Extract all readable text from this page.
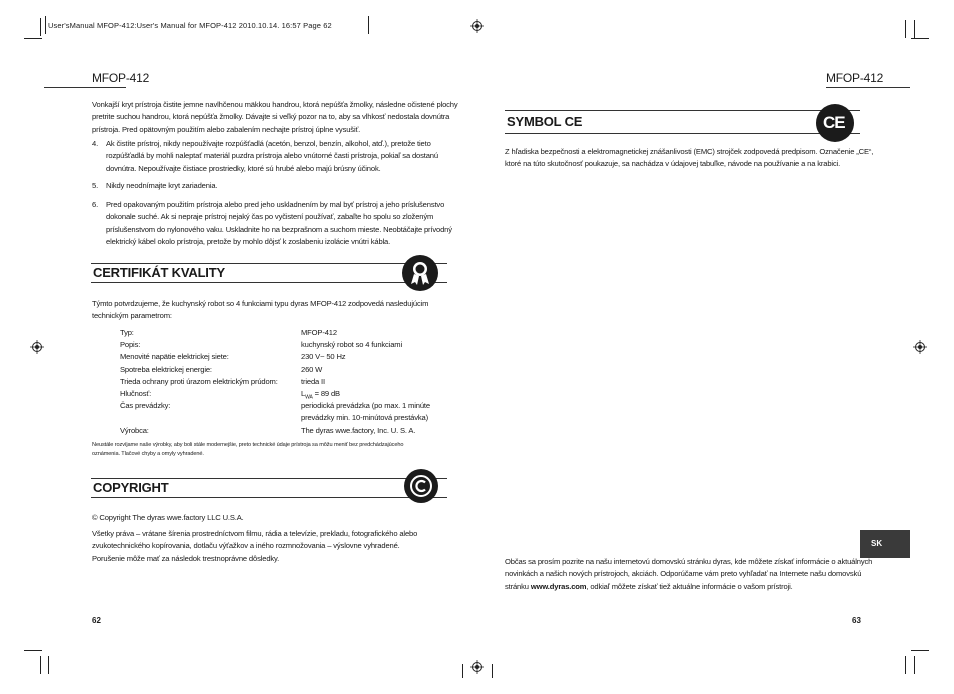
User'sManual MFOP-412:User's Manual for MFOP-412 2010.10.14. 16:57 Page 62
MFOP-412
Vonkajší kryt prístroja čistite jemne navlhčenou mäkkou handrou, ktorá nepúšťa žmolky, následne očistené plochy
pretrite suchou handrou, ktorá nepúšťa žmolky. Dávajte si veľký pozor na to, aby sa vlhkosť nedostala dovnútra
prístroja. Pred opätovným použitím alebo zabalením nechajte prístroj úplne vysušiť.
4. Ak čistíte prístroj, nikdy nepoužívajte rozpúšťadlá (acetón, benzol, benzín, alkohol, atď.), pretože tieto
rozpúšťadlá by mohli naleptať materiál puzdra prístroja alebo vnútorné časti prístroja, pokiaľ sa dostanú
dovnútra. Nepoužívajte čistiace prostriedky, ktoré sú hrubé alebo majú brúsny účinok.
5. Nikdy neodnímajte kryt zariadenia.
6. Pred opakovaným použitím prístroja alebo pred jeho uskladnením by mal byť prístroj a jeho príslušenstvo
dokonale suché. Ak si nepraje prístroj nejaký čas po vyčistení používať, zabaľte ho spolu so zloženým
príslušenstvom do nylonového vaku. Uskladnite ho na bezprašnom a suchom mieste. Neobtáčajte prívodný
elektrický kábel okolo prístroja, pretože by mohlo dôjsť k zoslabeniu izolácie vnútri kábla.
CERTIFIKÁT KVALITY
Týmto potvrdzujeme, že kuchynský robot so 4 funkciami typu dyras MFOP-412 zodpovedá nasledujúcim
technickým parametrom:
Typ:	MFOP-412
Popis:	kuchynský robot so 4 funkciami
Menovité napätie elektrickej siete:	230 V~ 50 Hz
Spotreba elektrickej energie:	260 W
Trieda ochrany proti úrazom elektrickým prúdom:	trieda II
Hlučnosť:	$L_{WA} = 89$ dB
Čas prevádzky:	periodická prevádzka (po max. 1 minúte
prevádzky min. 10-minútová prestávka)
Výrobca:	The dyras wwe.factory, Inc. U. S. A.
Neustále rozvíjame naše výrobky, aby boli stále modernejšie, preto technické údaje prístroja sa môžu meniť bez predchádzajúceho
oznámenia. Tlačové chyby a omyly vyhradené.
COPYRIGHT
© Copyright The dyras wwe.factory LLC U.S.A.
Všetky práva – vrátane šírenia prostredníctvom filmu, rádia a televízie, prekladu, fotografického alebo
zvukotechnického kopírovania, dotlaču výťažkov a iného rozmnožovania – výslovne vyhradené.
Porušenie môže mať za následok trestnoprávne dôsledky.
62
MFOP-412
SYMBOL CE	CE
Z hľadiska bezpečnosti a elektromagnetickej znášanlivosti (EMC) strojček zodpovedá predpisom. Označenie „CE“,
ktoré na túto skutočnosť poukazuje, sa nachádza v údajovej tabuľke, návode na používanie a na krabici.
SK
Občas sa prosím pozrite na našu internetovú domovskú stránku dyras, kde môžete získať informácie o aktuálnych
novinkách a našich nových prístrojoch, akciách. Odporúčame vám preto vyhľadať na Internete našu domovskú
stránku www.dyras.com, odkiaľ môžete získať tiež aktuálne informácie o vašom prístroji.
63
